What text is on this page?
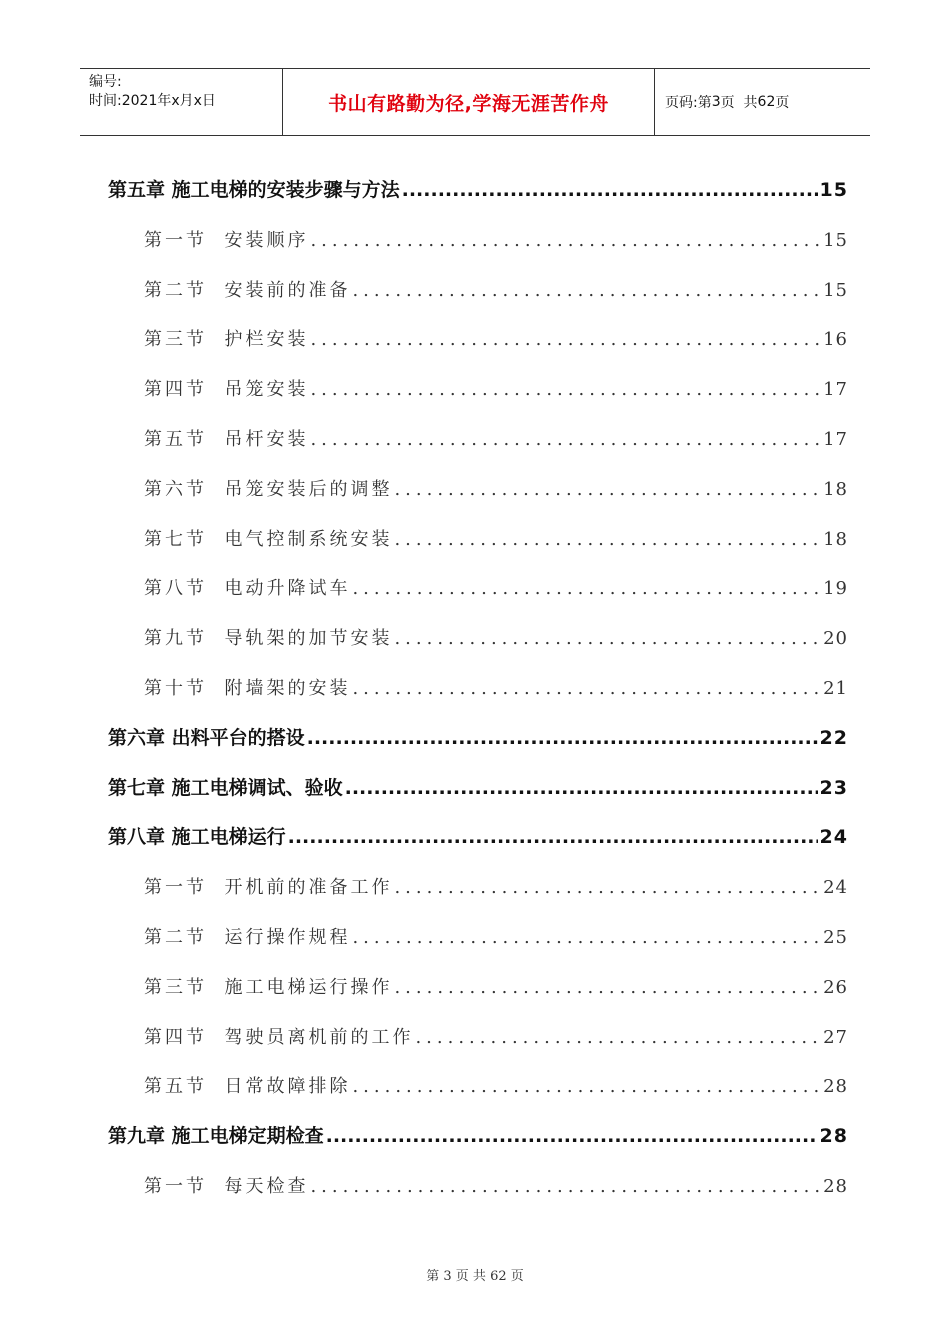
编号:
时间:2021年x月x日	书山有路勤为径,学海无涯苦作舟	页码:第 3 页  共 62 页
第五章 施工电梯的安装步骤与方法 .....	15
第一节  安装顺序 .....	15
第二节  安装前的准备 .....	15
第三节  护栏安装 .....	16
第四节  吊笼安装 .....	17
第五节  吊杆安装 .....	17
第六节  吊笼安装后的调整 .....	18
第七节  电气控制系统安装 .....	18
第八节  电动升降试车 .....	19
第九节  导轨架的加节安装 .....	20
第十节  附墙架的安装 .....	21
第六章 出料平台的搭设 .....	22
第七章 施工电梯调试、验收 .....	23
第八章 施工电梯运行 .....	24
第一节  开机前的准备工作 .....	24
第二节  运行操作规程 .....	25
第三节  施工电梯运行操作 .....	26
第四节  驾驶员离机前的工作 .....	27
第五节  日常故障排除 .....	28
第九章 施工电梯定期检查 .....	28
第一节  每天检查 .....	28
第 3 页 共 62 页
